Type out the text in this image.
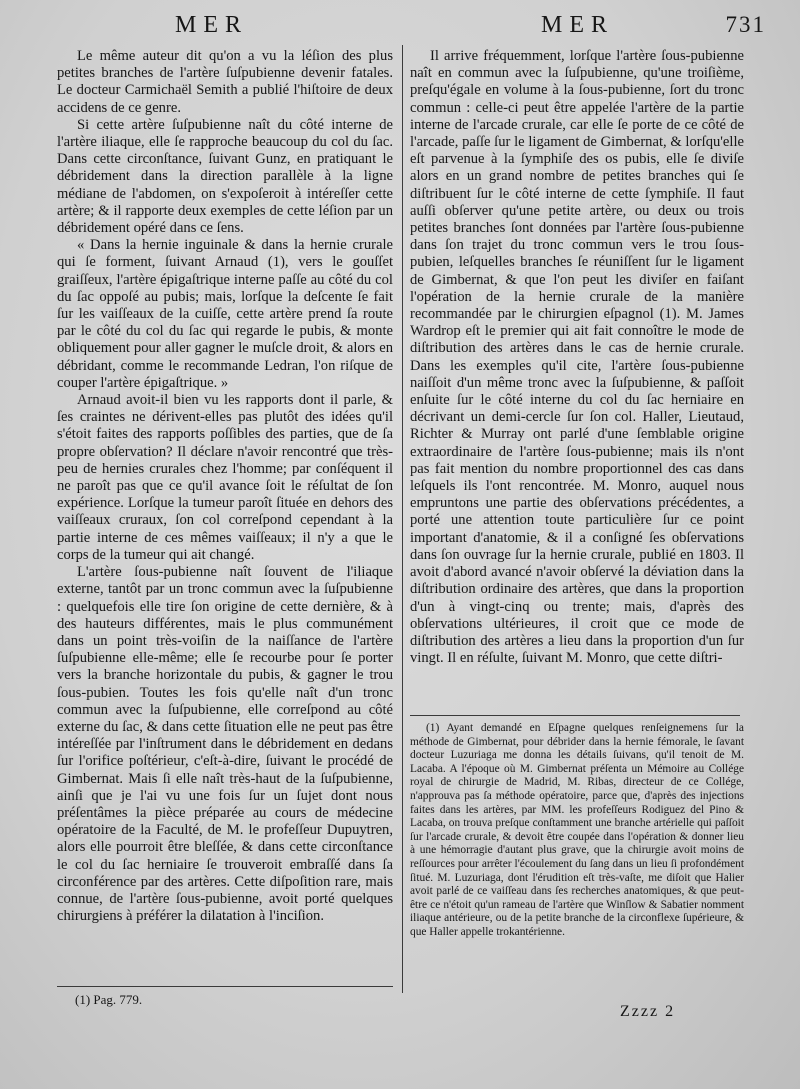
MER	MER	731

Le même auteur dit qu'on a vu la léſion des plus petites branches de l'artère ſuſpubienne devenir fatales. Le docteur Carmichaël Semith a publié l'hiſtoire de deux accidens de ce genre.

Si cette artère ſuſpubienne naît du côté interne de l'artère iliaque, elle ſe rapproche beaucoup du col du ſac. Dans cette circonſtance, ſuivant Gunz, en pratiquant le débridement dans la direction parallèle à la ligne médiane de l'abdomen, on s'expoſeroit à intéreſſer cette artère; & il rapporte deux exemples de cette léſion par un débridement opéré dans ce ſens.

« Dans la hernie inguinale & dans la hernie crurale qui ſe forment, ſuivant Arnaud (1), vers le gouſſet graiſſeux, l'artère épigaſtrique interne paſſe au côté du col du ſac oppoſé au pubis; mais, lorſque la deſcente ſe fait ſur les vaiſſeaux de la cuiſſe, cette artère prend ſa route par le côté du col du ſac qui regarde le pubis, & monte obliquement pour aller gagner le muſcle droit, & alors en débridant, comme le recommande Ledran, l'on riſque de couper l'artère épigaſtrique. »

Arnaud avoit-il bien vu les rapports dont il parle, & ſes craintes ne dérivent-elles pas plutôt des idées qu'il s'étoit faites des rapports poſſibles des parties, que de ſa propre obſervation? Il déclare n'avoir rencontré que très-peu de hernies crurales chez l'homme; par conſéquent il ne paroît pas que ce qu'il avance ſoit le réſultat de ſon expérience. Lorſque la tumeur paroît ſituée en dehors des vaiſſeaux cruraux, ſon col correſpond cependant à la partie interne de ces mêmes vaiſſeaux; il n'y a que le corps de la tumeur qui ait changé.

L'artère ſous-pubienne naît ſouvent de l'iliaque externe, tantôt par un tronc commun avec la ſuſpubienne : quelquefois elle tire ſon origine de cette dernière, & à des hauteurs différentes, mais le plus communément dans un point très-voiſin de la naiſſance de l'artère ſuſpubienne elle-même; elle ſe recourbe pour ſe porter vers la branche horizontale du pubis, & gagner le trou ſous-pubien. Toutes les fois qu'elle naît d'un tronc commun avec la ſuſpubienne, elle correſpond au côté externe du ſac, & dans cette ſituation elle ne peut pas être intéreſſée par l'inſtrument dans le débridement en dedans ſur l'orifice poſtérieur, c'eſt-à-dire, ſuivant le procédé de Gimbernat. Mais ſi elle naît très-haut de la ſuſpubienne, ainſi que je l'ai vu une fois ſur un ſujet dont nous préſentâmes la pièce préparée au cours de médecine opératoire de la Faculté, de M. le profeſſeur Dupuytren, alors elle pourroit être bleſſée, & dans cette circonſtance le col du ſac herniaire ſe trouveroit embraſſé dans ſa circonférence par des artères. Cette diſpoſition rare, mais connue, de l'artère ſous-pubienne, avoit porté quelques chirurgiens à préférer la dilatation à l'inciſion.

(1) Pag. 779.

Il arrive fréquemment, lorſque l'artère ſous-pubienne naît en commun avec la ſuſpubienne, qu'une troiſième, preſqu'égale en volume à la ſous-pubienne, ſort du tronc commun : celle-ci peut être appelée l'artère de la partie interne de l'arcade crurale, car elle ſe porte de ce côté de l'arcade, paſſe ſur le ligament de Gimbernat, & lorſqu'elle eſt parvenue à la ſymphiſe des os pubis, elle ſe diviſe alors en un grand nombre de petites branches qui ſe diſtribuent ſur le côté interne de cette ſymphiſe. Il faut auſſi obſerver qu'une petite artère, ou deux ou trois petites branches ſont données par l'artère ſous-pubienne dans ſon trajet du tronc commun vers le trou ſous-pubien, leſquelles branches ſe réuniſſent ſur le ligament de Gimbernat, & que l'on peut les diviſer en faiſant l'opération de la hernie crurale de la manière recommandée par le chirurgien eſpagnol (1). M. James Wardrop eſt le premier qui ait fait connoître le mode de diſtribution des artères dans le cas de hernie crurale. Dans les exemples qu'il cite, l'artère ſous-pubienne naiſſoit d'un même tronc avec la ſuſpubienne, & paſſoit enſuite ſur le côté interne du col du ſac herniaire en décrivant un demi-cercle ſur ſon col. Haller, Lieutaud, Richter & Murray ont parlé d'une ſemblable origine extraordinaire de l'artère ſous-pubienne; mais ils n'ont pas fait mention du nombre proportionnel des cas dans leſquels ils l'ont rencontrée. M. Monro, auquel nous empruntons une partie des obſervations précédentes, a porté une attention toute particulière ſur ce point important d'anatomie, & il a conſigné ſes obſervations dans ſon ouvrage ſur la hernie crurale, publié en 1803. Il avoit d'abord avancé n'avoir obſervé la déviation dans la diſtribution ordinaire des artères, que dans la proportion d'un à vingt-cinq ou trente; mais, d'après des obſervations ultérieures, il croit que ce mode de diſtribution des artères a lieu dans la proportion d'un ſur vingt. Il en réſulte, ſuivant M. Monro, que cette diſtri-

(1) Ayant demandé en Eſpagne quelques renſeignemens ſur la méthode de Gimbernat, pour débrider dans la hernie fémorale, le ſavant docteur Luzuriaga me donna les détails ſuivans, qu'il tenoit de M. Lacaba. A l'époque où M. Gimbernat préſenta un Mémoire au Collége royal de chirurgie de Madrid, M. Ribas, directeur de ce Collége, n'approuva pas ſa méthode opératoire, parce que, d'après des injections faites dans les artères, par MM. les profeſſeurs Rodiguez del Pino & Lacaba, on trouva preſque conſtamment une branche artérielle qui paſſoit ſur l'arcade crurale, & devoit être coupée dans l'opération & donner lieu à une hémorragie d'autant plus grave, que la chirurgie avoit moins de reſſources pour arrêter l'écoulement du ſang dans un lieu ſi profondément ſitué. M. Luzuriaga, dont l'érudition eſt très-vaſte, me diſoit que Halier avoit parlé de ce vaiſſeau dans ſes recherches anatomiques, & que peut-être ce n'étoit qu'un rameau de l'artère que Winſlow & Sabatier nomment iliaque antérieure, ou de la petite branche de la circonflexe ſupérieure, & que Haller appelle trokantérienne.

Zzzz 2
